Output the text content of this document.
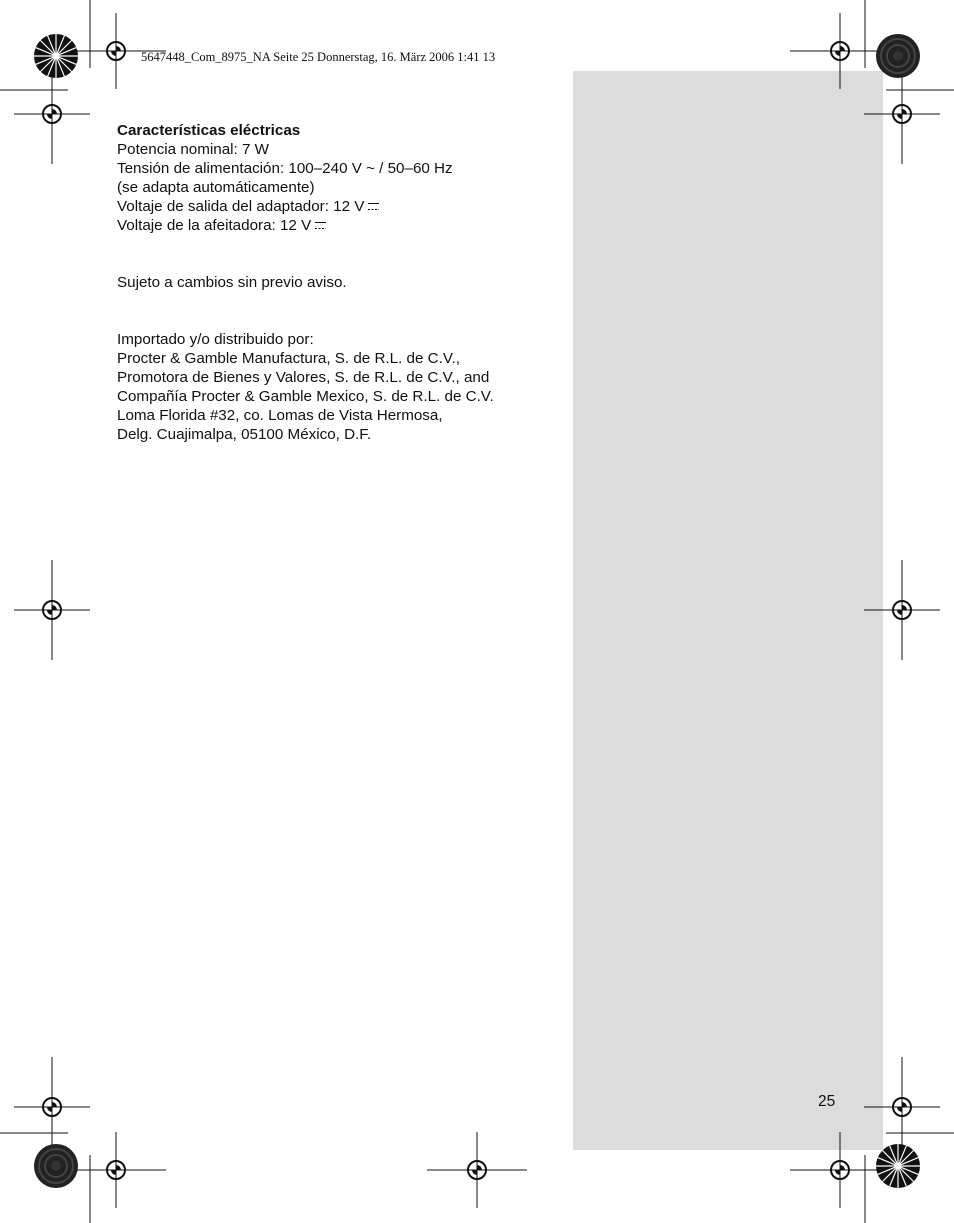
5647448_Com_8975_NA Seite 25 Donnerstag, 16. März 2006 1:41 13

Características eléctricas

Potencia nominal: 7 W

Tensión de alimentación: 100–240 V ~ / 50–60 Hz

(se adapta automáticamente)

Voltaje de salida del adaptador: 12 V

Voltaje de la afeitadora: 12 V

Sujeto a cambios sin previo aviso.

Importado y/o distribuido por:

Procter & Gamble Manufactura, S. de R.L. de C.V.,

Promotora de Bienes y Valores, S. de R.L. de C.V., and

Compañía Procter & Gamble Mexico, S. de R.L. de C.V.

Loma Florida #32, co. Lomas de Vista Hermosa,

Delg. Cuajimalpa, 05100 México, D.F.

25
